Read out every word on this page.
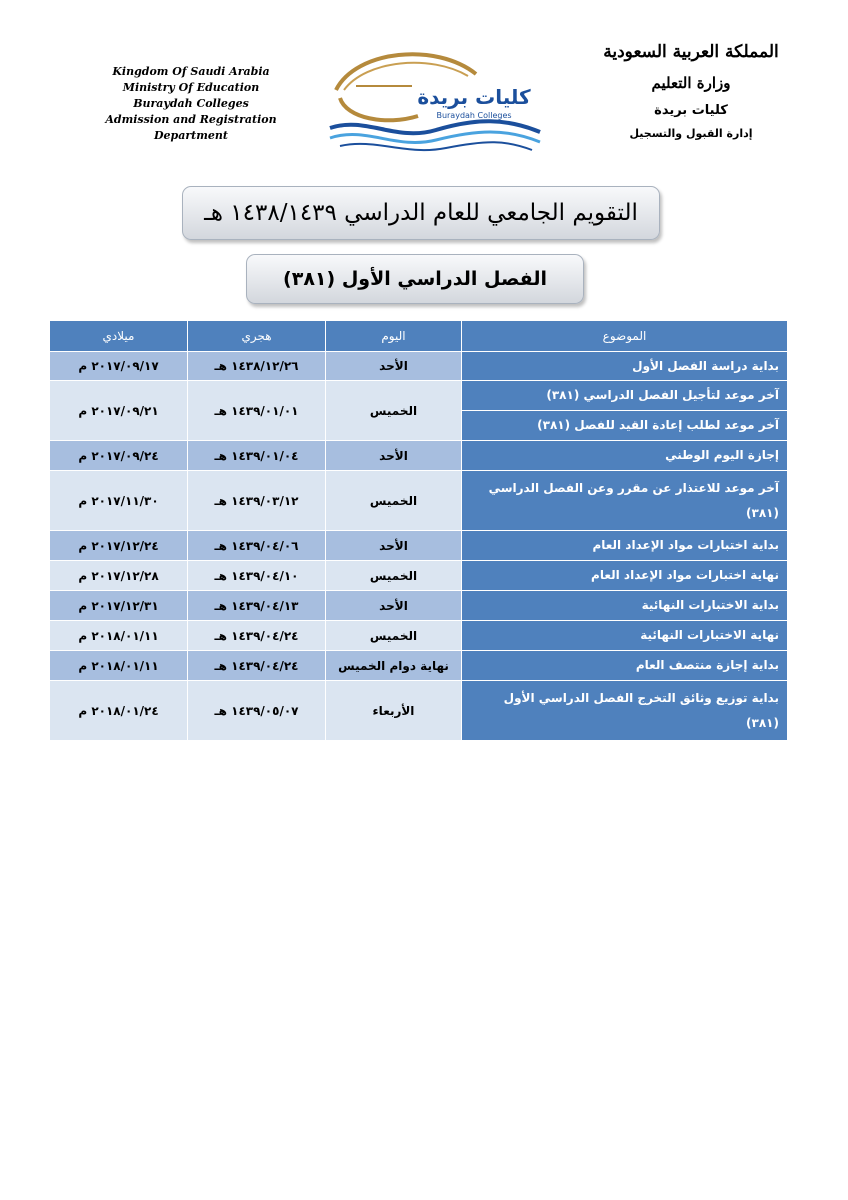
Kingdom Of Saudi Arabia
Ministry Of Education
Buraydah Colleges
Admission and Registration Department
كليات بريدة
Buraydah Colleges
المملكة العربية السعودية
وزارة التعليم
كليات بريدة
إدارة القبول والتسجيل
التقويم الجامعي للعام الدراسي ١٤٣٨/١٤٣٩ هـ
الفصل الدراسي الأول (٣٨١)
ميلادي	هجري	اليوم	الموضوع
٢٠١٧/٠٩/١٧ م	١٤٣٨/١٢/٢٦ هـ	الأحد	بداية دراسة الفصل الأول
٢٠١٧/٠٩/٢١ م	١٤٣٩/٠١/٠١ هـ	الخميس	آخر موعد لتأجيل الفصل الدراسي (٣٨١)
			آخر موعد لطلب إعادة القيد للفصل (٣٨١)
٢٠١٧/٠٩/٢٤ م	١٤٣٩/٠١/٠٤ هـ	الأحد	إجازة اليوم الوطني
٢٠١٧/١١/٣٠ م	١٤٣٩/٠٣/١٢ هـ	الخميس	آخر موعد للاعتذار عن مقرر وعن الفصل الدراسي (٣٨١)
٢٠١٧/١٢/٢٤ م	١٤٣٩/٠٤/٠٦ هـ	الأحد	بداية اختبارات مواد الإعداد العام
٢٠١٧/١٢/٢٨ م	١٤٣٩/٠٤/١٠ هـ	الخميس	نهاية اختبارات مواد الإعداد العام
٢٠١٧/١٢/٣١ م	١٤٣٩/٠٤/١٣ هـ	الأحد	بداية الاختبارات النهائية
٢٠١٨/٠١/١١ م	١٤٣٩/٠٤/٢٤ هـ	الخميس	نهاية الاختبارات النهائية
٢٠١٨/٠١/١١ م	١٤٣٩/٠٤/٢٤ هـ	نهاية دوام الخميس	بداية إجازة منتصف العام
٢٠١٨/٠١/٢٤ م	١٤٣٩/٠٥/٠٧ هـ	الأربعاء	بداية توزيع وثائق التخرج الفصل الدراسي الأول (٣٨١)
